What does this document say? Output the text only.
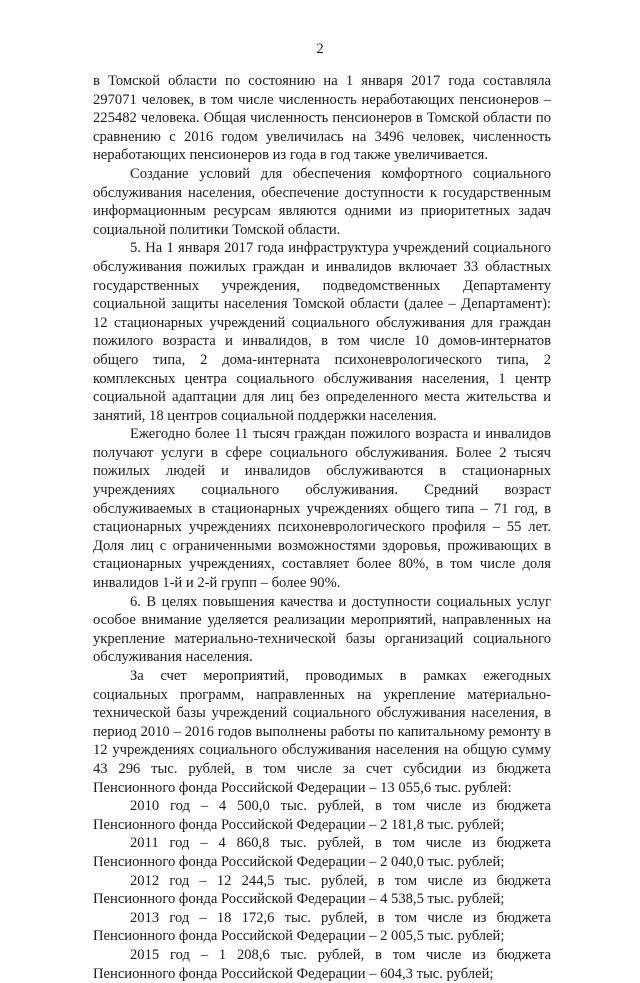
2

в Томской области по состоянию на 1 января 2017 года составляла 297071 человек, в том числе численность неработающих пенсионеров – 225482 человека. Общая численность пенсионеров в Томской области по сравнению с 2016 годом увеличилась на 3496 человек, численность неработающих пенсионеров из года в год также увеличивается.

Создание условий для обеспечения комфортного социального обслуживания населения, обеспечение доступности к государственным информационным ресурсам являются одними из приоритетных задач социальной политики Томской области.

5. На 1 января 2017 года инфраструктура учреждений социального обслуживания пожилых граждан и инвалидов включает 33 областных государственных учреждения, подведомственных Департаменту социальной защиты населения Томской области (далее – Департамент): 12 стационарных учреждений социального обслуживания для граждан пожилого возраста и инвалидов, в том числе 10 домов-интернатов общего типа, 2 дома-интерната психоневрологического типа, 2 комплексных центра социального обслуживания населения, 1 центр социальной адаптации для лиц без определенного места жительства и занятий, 18 центров социальной поддержки населения.

Ежегодно более 11 тысяч граждан пожилого возраста и инвалидов получают услуги в сфере социального обслуживания. Более 2 тысяч пожилых людей и инвалидов обслуживаются в стационарных учреждениях социального обслуживания. Средний возраст обслуживаемых в стационарных учреждениях общего типа – 71 год, в стационарных учреждениях психоневрологического профиля – 55 лет. Доля лиц с ограниченными возможностями здоровья, проживающих в стационарных учреждениях, составляет более 80%, в том числе доля инвалидов 1-й и 2-й групп – более 90%.

6. В целях повышения качества и доступности социальных услуг особое внимание уделяется реализации мероприятий, направленных на укрепление материально-технической базы организаций социального обслуживания населения.

За счет мероприятий, проводимых в рамках ежегодных социальных программ, направленных на укрепление материально-технической базы учреждений социального обслуживания населения, в период 2010 – 2016 годов выполнены работы по капитальному ремонту в 12 учреждениях социального обслуживания населения на общую сумму 43 296 тыс. рублей, в том числе за счет субсидии из бюджета Пенсионного фонда Российской Федерации – 13 055,6 тыс. рублей:

2010 год – 4 500,0 тыс. рублей, в том числе из бюджета Пенсионного фонда Российской Федерации – 2 181,8 тыс. рублей;

2011 год – 4 860,8 тыс. рублей, в том числе из бюджета Пенсионного фонда Российской Федерации – 2 040,0 тыс. рублей;

2012 год – 12 244,5 тыс. рублей, в том числе из бюджета Пенсионного фонда Российской Федерации – 4 538,5 тыс. рублей;

2013 год – 18 172,6 тыс. рублей, в том числе из бюджета Пенсионного фонда Российской Федерации – 2 005,5 тыс. рублей;

2015 год – 1 208,6 тыс. рублей, в том числе из бюджета Пенсионного фонда Российской Федерации – 604,3 тыс. рублей;
